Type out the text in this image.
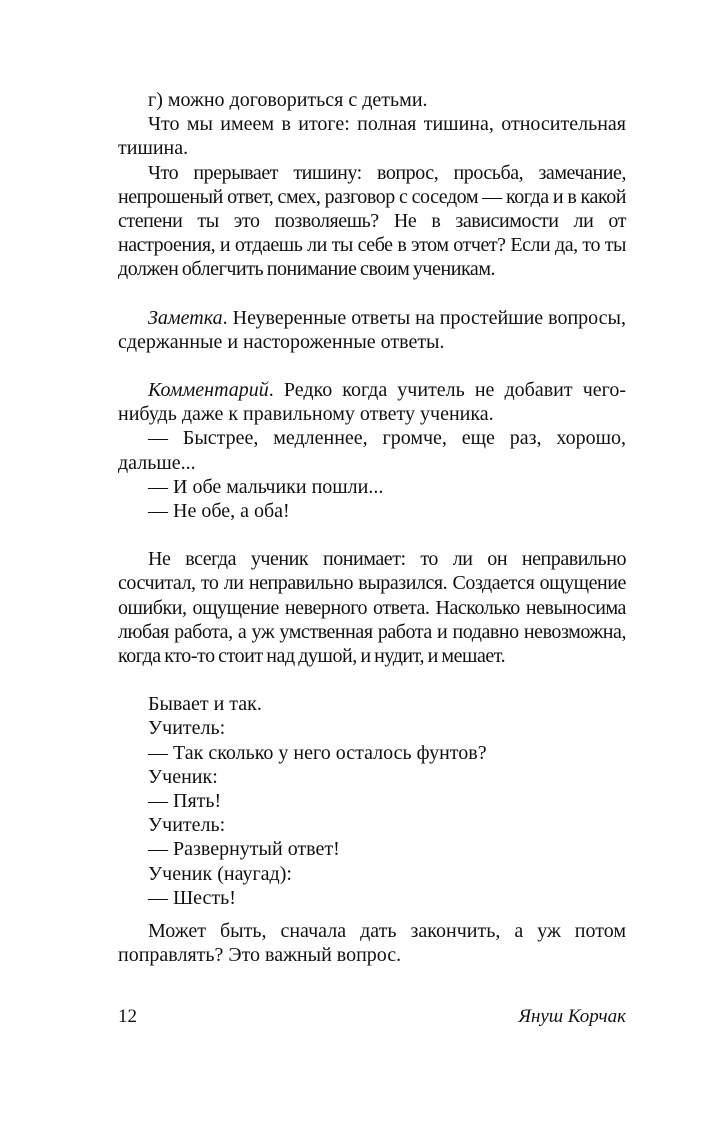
г) можно договориться с детьми.

Что мы имеем в итоге: полная тишина, относительная тишина.

Что прерывает тишину: вопрос, просьба, замечание, непрошеный ответ, смех, разговор с соседом — когда и в какой степени ты это позволяешь? Не в зависимости ли от настроения, и отдаешь ли ты себе в этом отчет? Если да, то ты должен облегчить понимание своим ученикам.

Заметка. Неуверенные ответы на простейшие вопросы, сдержанные и настороженные ответы.

Комментарий. Редко когда учитель не добавит чего-нибудь даже к правильному ответу ученика.

— Быстрее, медленнее, громче, еще раз, хорошо, дальше...

— И обе мальчики пошли...

— Не обе, а оба!

Не всегда ученик понимает: то ли он неправильно сосчитал, то ли неправильно выразился. Создается ощущение ошибки, ощущение неверного ответа. Насколько невыносима любая работа, а уж умственная работа и подавно невозможна, когда кто-то стоит над душой, и нудит, и мешает.

Бывает и так.

Учитель:

— Так сколько у него осталось фунтов?

Ученик:

— Пять!

Учитель:

— Развернутый ответ!

Ученик (наугад):

— Шесть!

Может быть, сначала дать закончить, а уж потом поправлять? Это важный вопрос.

12	Януш Корчак
